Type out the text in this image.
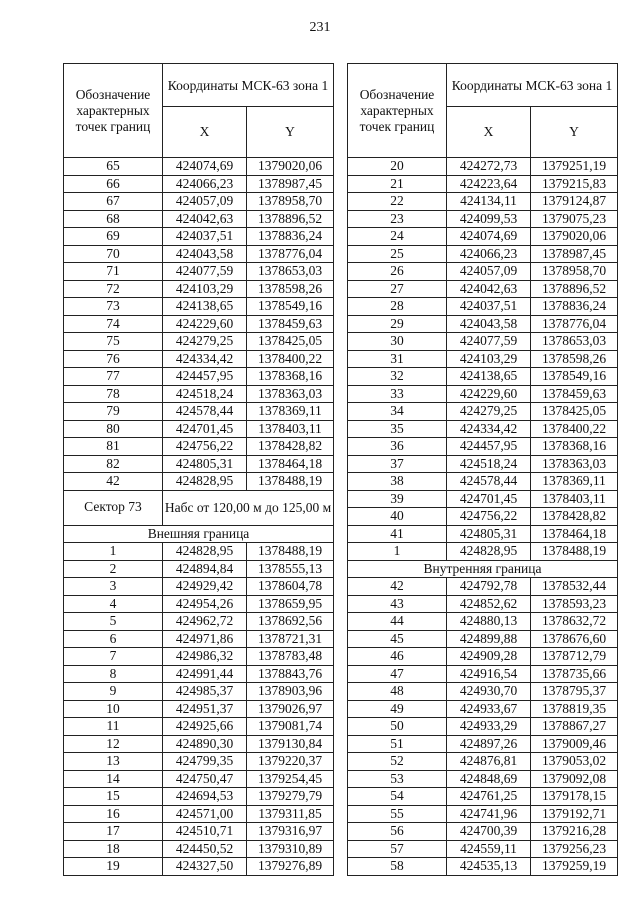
231
Обозначение характерных точек границ	Координаты МСК-63 зона 1	
	X	Y
65	424074,69	1379020,06
66	424066,23	1378987,45
67	424057,09	1378958,70
68	424042,63	1378896,52
69	424037,51	1378836,24
70	424043,58	1378776,04
71	424077,59	1378653,03
72	424103,29	1378598,26
73	424138,65	1378549,16
74	424229,60	1378459,63
75	424279,25	1378425,05
76	424334,42	1378400,22
77	424457,95	1378368,16
78	424518,24	1378363,03
79	424578,44	1378369,11
80	424701,45	1378403,11
81	424756,22	1378428,82
82	424805,31	1378464,18
42	424828,95	1378488,19
Сектор 73	Набс от 120,00 м до 125,00 м	
Внешняя граница		
1	424828,95	1378488,19
2	424894,84	1378555,13
3	424929,42	1378604,78
4	424954,26	1378659,95
5	424962,72	1378692,56
6	424971,86	1378721,31
7	424986,32	1378783,48
8	424991,44	1378843,76
9	424985,37	1378903,96
10	424951,37	1379026,97
11	424925,66	1379081,74
12	424890,30	1379130,84
13	424799,35	1379220,37
14	424750,47	1379254,45
15	424694,53	1379279,79
16	424571,00	1379311,85
17	424510,71	1379316,97
18	424450,52	1379310,89
19	424327,50	1379276,89
Обозначение характерных точек границ	Координаты МСК-63 зона 1	
	X	Y
20	424272,73	1379251,19
21	424223,64	1379215,83
22	424134,11	1379124,87
23	424099,53	1379075,23
24	424074,69	1379020,06
25	424066,23	1378987,45
26	424057,09	1378958,70
27	424042,63	1378896,52
28	424037,51	1378836,24
29	424043,58	1378776,04
30	424077,59	1378653,03
31	424103,29	1378598,26
32	424138,65	1378549,16
33	424229,60	1378459,63
34	424279,25	1378425,05
35	424334,42	1378400,22
36	424457,95	1378368,16
37	424518,24	1378363,03
38	424578,44	1378369,11
39	424701,45	1378403,11
40	424756,22	1378428,82
41	424805,31	1378464,18
1	424828,95	1378488,19
Внутренняя граница		
42	424792,78	1378532,44
43	424852,62	1378593,23
44	424880,13	1378632,72
45	424899,88	1378676,60
46	424909,28	1378712,79
47	424916,54	1378735,66
48	424930,70	1378795,37
49	424933,67	1378819,35
50	424933,29	1378867,27
51	424897,26	1379009,46
52	424876,81	1379053,02
53	424848,69	1379092,08
54	424761,25	1379178,15
55	424741,96	1379192,71
56	424700,39	1379216,28
57	424559,11	1379256,23
58	424535,13	1379259,19
